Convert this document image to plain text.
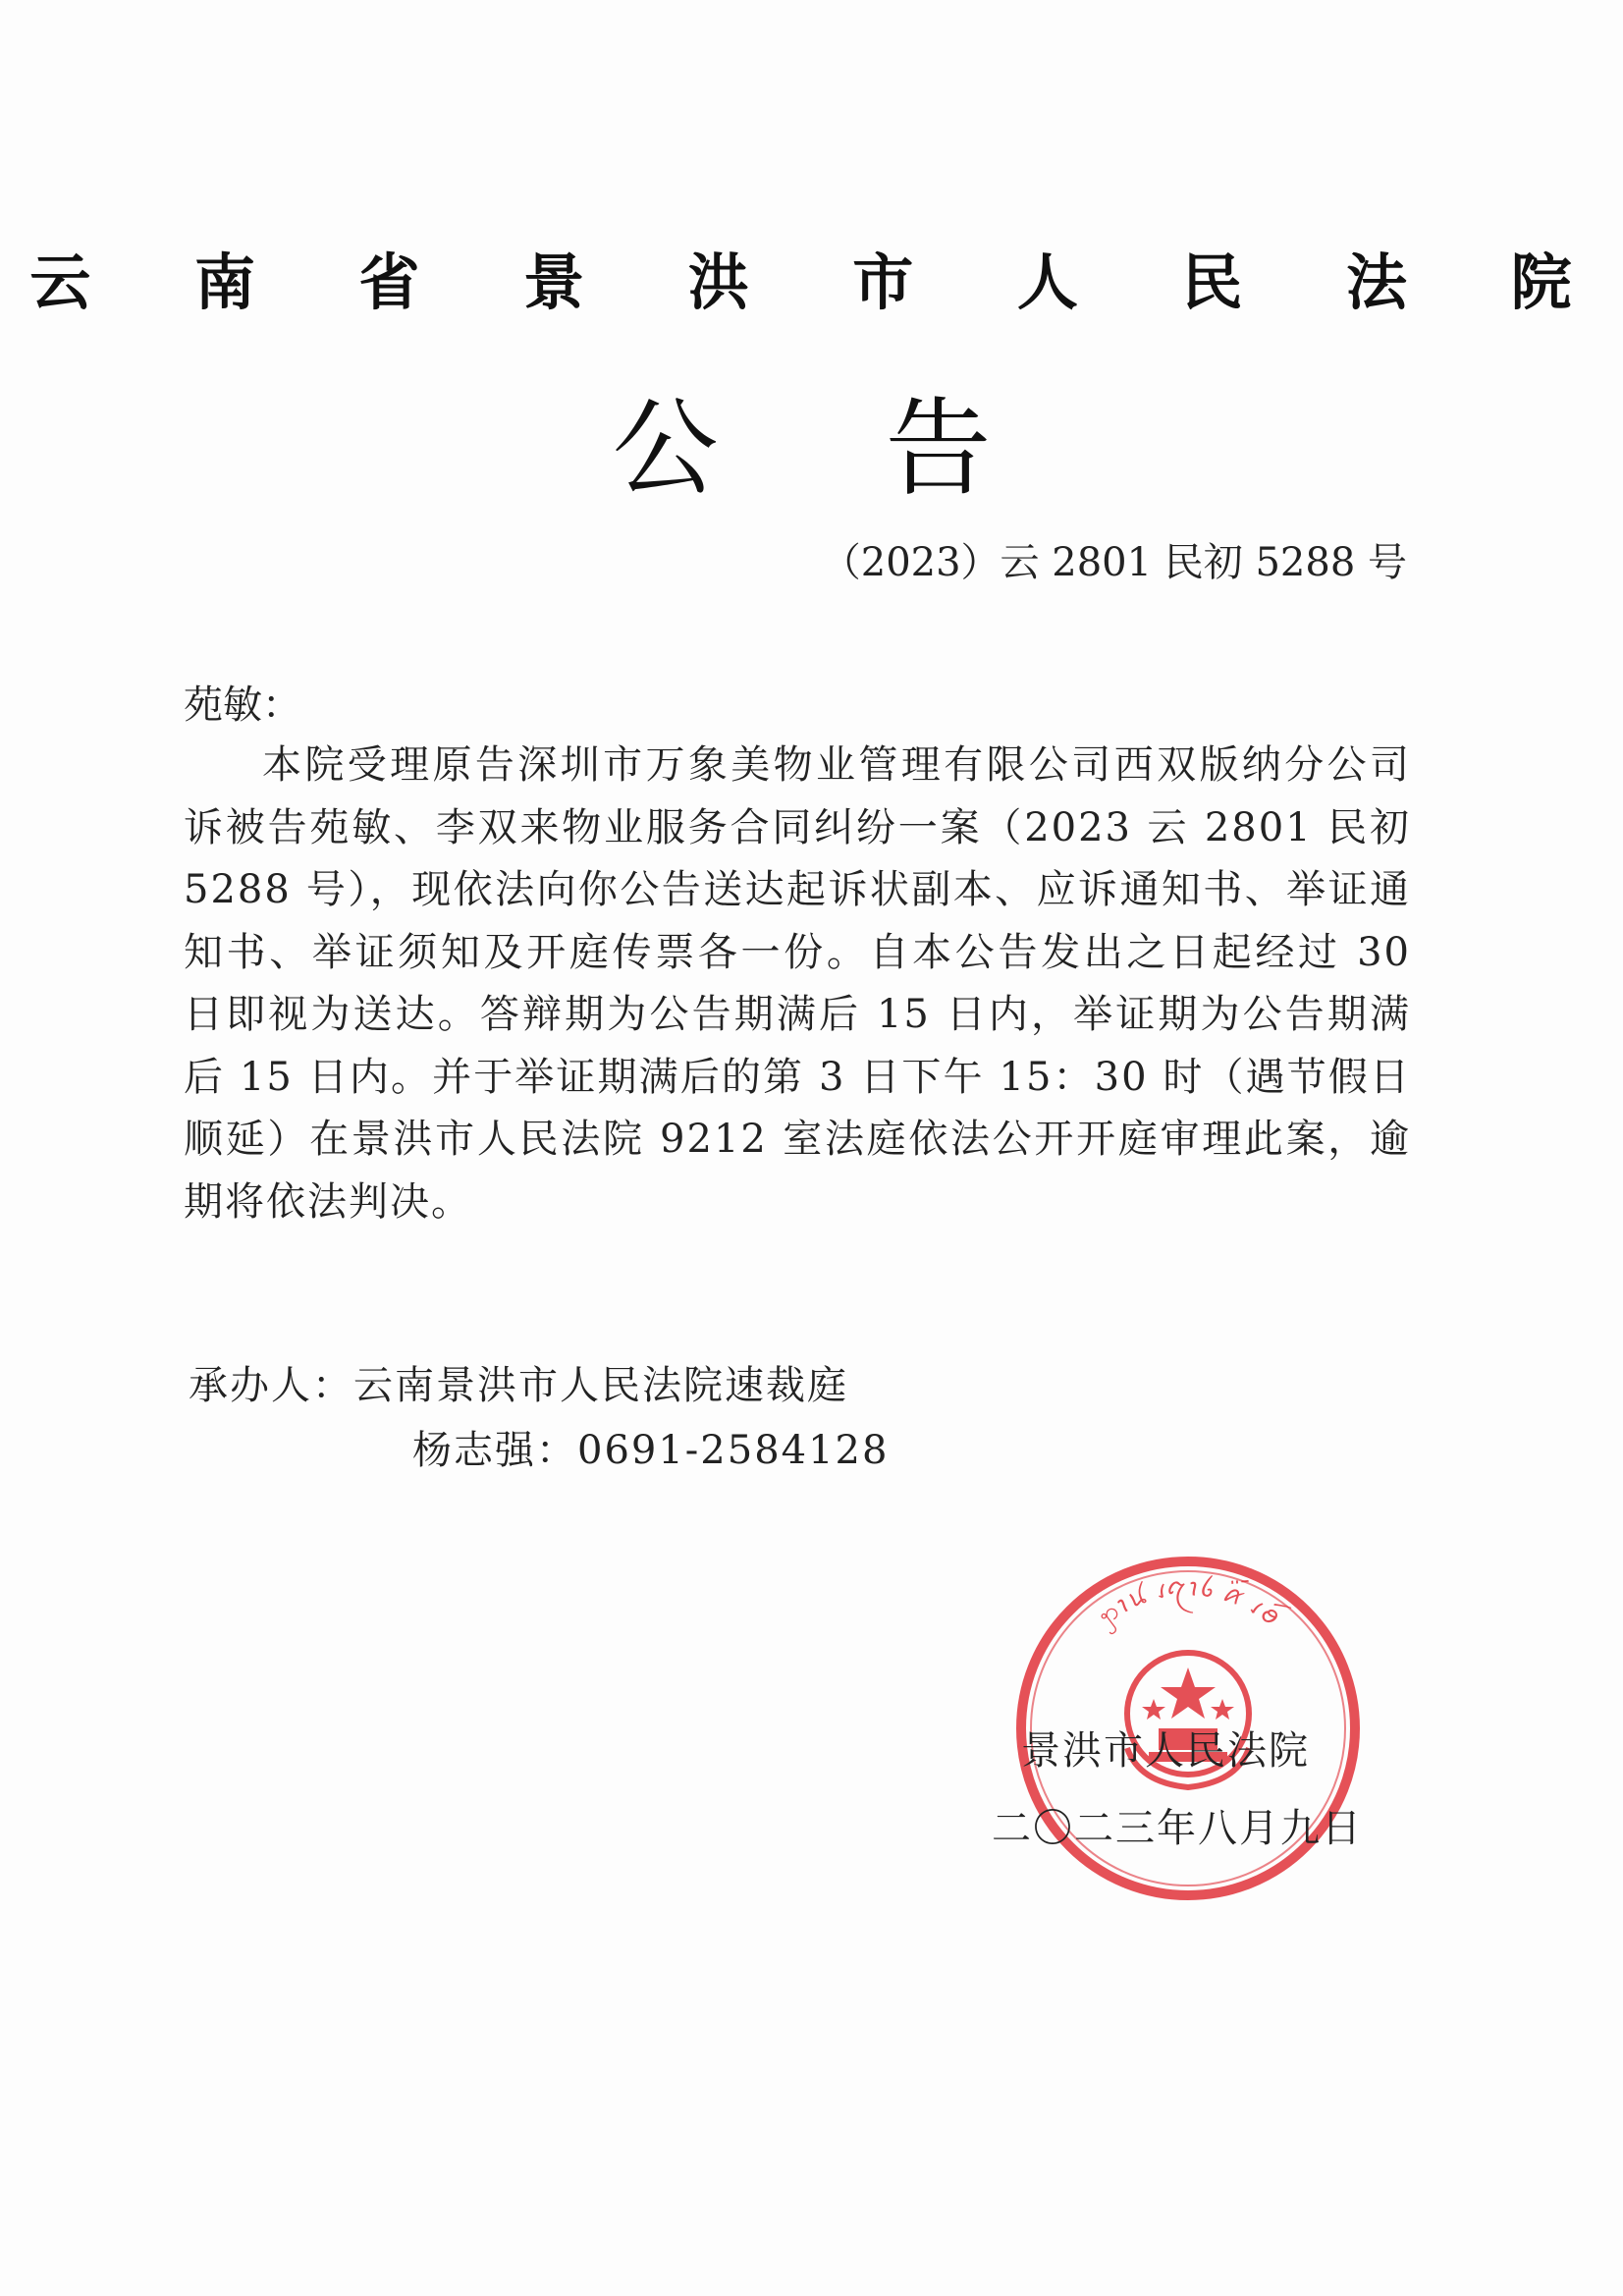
云 南 省 景 洪 市 人 民 法 院
公告
（2023）云 2801 民初 5288 号
苑敏：

本院受理原告深圳市万象美物业管理有限公司西双版纳分公司诉被告苑敏、李双来物业服务合同纠纷一案（2023 云 2801 民初 5288 号），现依法向你公告送达起诉状副本、应诉通知书、举证通知书、举证须知及开庭传票各一份。自本公告发出之日起经过 30 日即视为送达。答辩期为公告期满后 15 日内，举证期为公告期满后 15 日内。并于举证期满后的第 3 日下午 15：30 时（遇节假日顺延）在景洪市人民法院 9212 室法庭依法公开开庭审理此案，逾期将依法判决。

承办人：云南景洪市人民法院速裁庭
杨志强：0691-2584128
ꩭꪱꪙ ꪹꪋꪱꪉ ꪁꪾ ꪹꪮꪷ
景洪市人民法院
二〇二三年八月九日
